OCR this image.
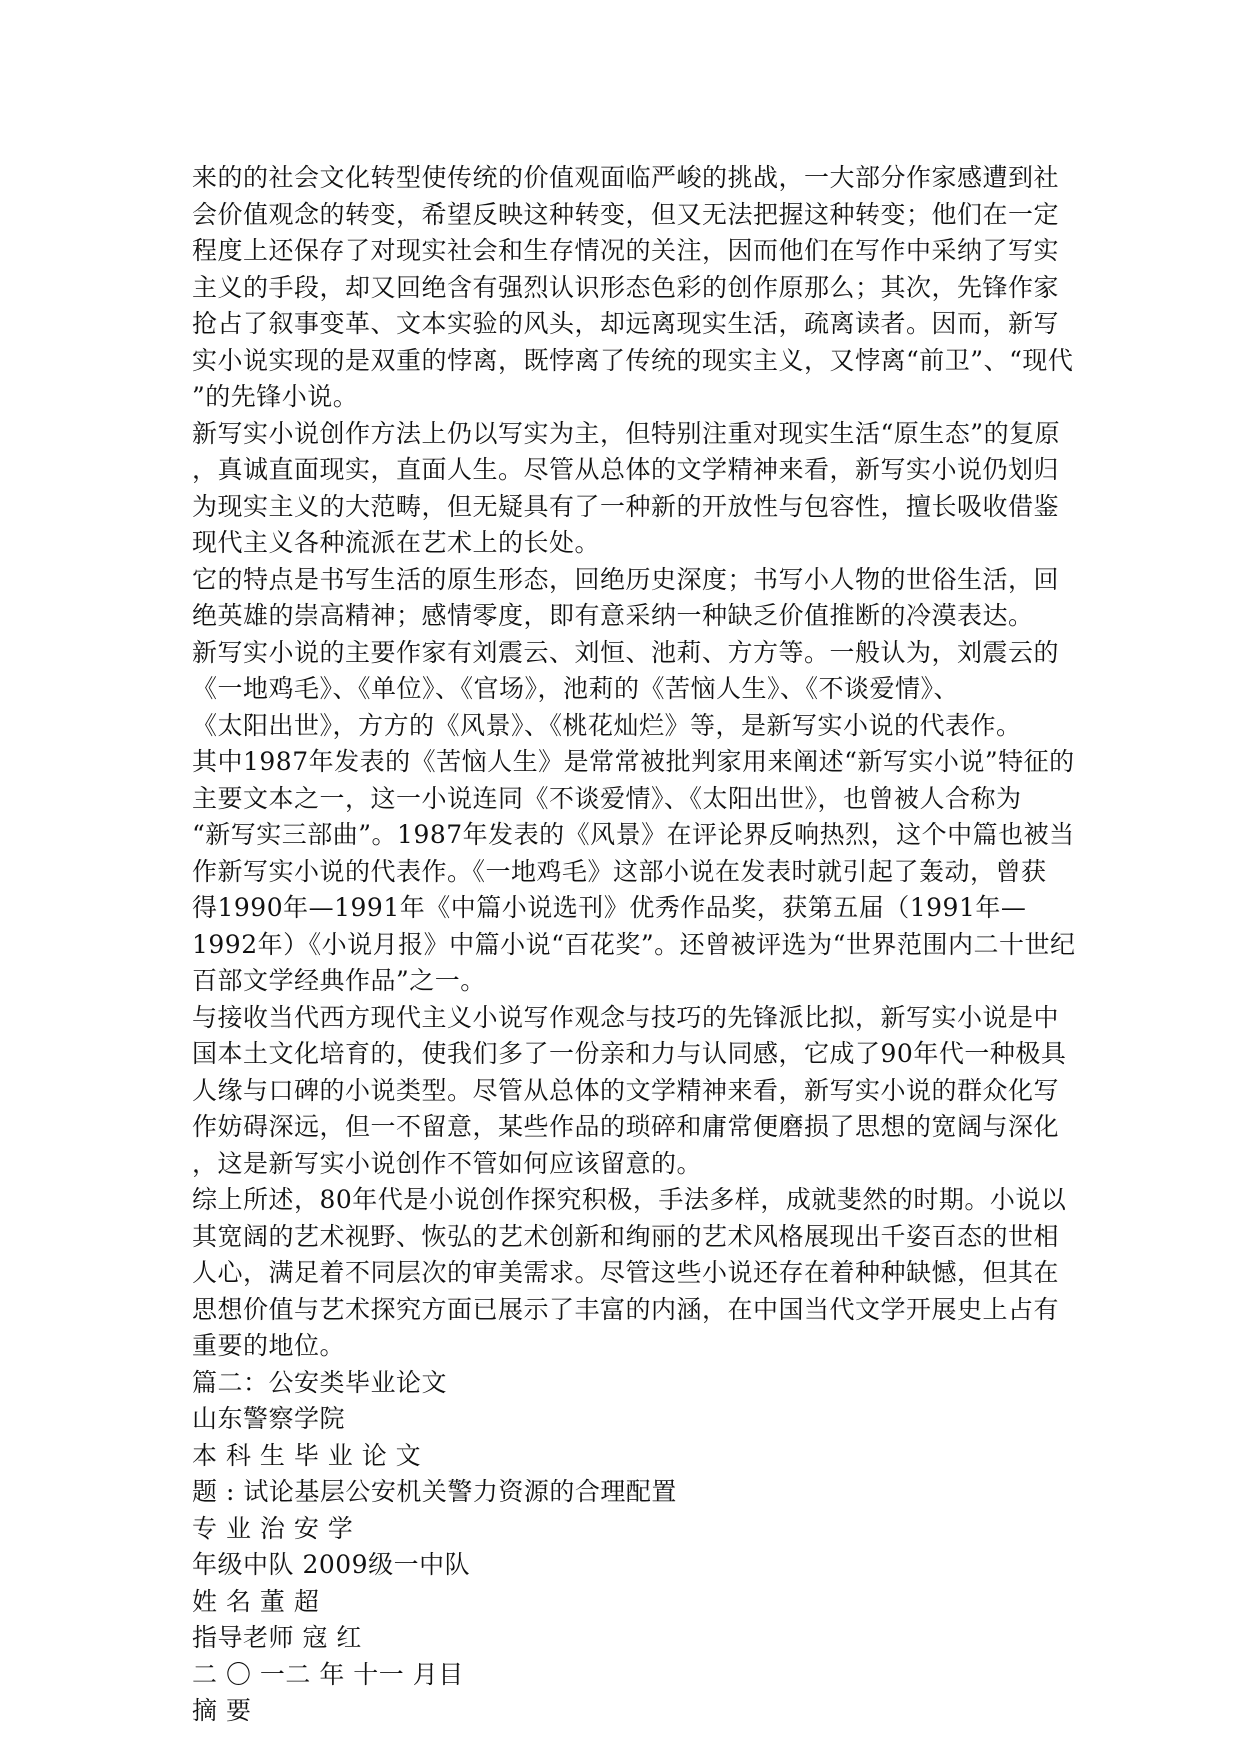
来的的社会文化转型使传统的价值观面临严峻的挑战，一大部分作家感遭到社
会价值观念的转变，希望反映这种转变，但又无法把握这种转变；他们在一定
程度上还保存了对现实社会和生存情况的关注，因而他们在写作中采纳了写实
主义的手段，却又回绝含有强烈认识形态色彩的创作原那么；其次，先锋作家
抢占了叙事变革、文本实验的风头，却远离现实生活，疏离读者。因而，新写
实小说实现的是双重的悖离，既悖离了传统的现实主义，又悖离“前卫”、“现代
”的先锋小说。
新写实小说创作方法上仍以写实为主，但特别注重对现实生活“原生态”的复原
，真诚直面现实，直面人生。尽管从总体的文学精神来看，新写实小说仍划归
为现实主义的大范畴，但无疑具有了一种新的开放性与包容性，擅长吸收借鉴
现代主义各种流派在艺术上的长处。
它的特点是书写生活的原生形态，回绝历史深度；书写小人物的世俗生活，回
绝英雄的崇高精神；感情零度，即有意采纳一种缺乏价值推断的冷漠表达。
新写实小说的主要作家有刘震云、刘恒、池莉、方方等。一般认为，刘震云的
《一地鸡毛》、《单位》、《官场》，池莉的《苦恼人生》、《不谈爱情》、
《太阳出世》，方方的《风景》、《桃花灿烂》等，是新写实小说的代表作。
其中1987年发表的《苦恼人生》是常常被批判家用来阐述“新写实小说”特征的
主要文本之一，这一小说连同《不谈爱情》、《太阳出世》，也曾被人合称为
“新写实三部曲”。1987年发表的《风景》在评论界反响热烈，这个中篇也被当
作新写实小说的代表作。《一地鸡毛》这部小说在发表时就引起了轰动，曾获
得1990年—1991年《中篇小说选刊》优秀作品奖，获第五届（1991年—
1992年）《小说月报》中篇小说“百花奖”。还曾被评选为“世界范围内二十世纪
百部文学经典作品”之一。
与接收当代西方现代主义小说写作观念与技巧的先锋派比拟，新写实小说是中
国本土文化培育的，使我们多了一份亲和力与认同感，它成了90年代一种极具
人缘与口碑的小说类型。尽管从总体的文学精神来看，新写实小说的群众化写
作妨碍深远，但一不留意，某些作品的琐碎和庸常便磨损了思想的宽阔与深化
，这是新写实小说创作不管如何应该留意的。
综上所述，80年代是小说创作探究积极，手法多样，成就斐然的时期。小说以
其宽阔的艺术视野、恢弘的艺术创新和绚丽的艺术风格展现出千姿百态的世相
人心，满足着不同层次的审美需求。尽管这些小说还存在着种种缺憾，但其在
思想价值与艺术探究方面已展示了丰富的内涵，在中国当代文学开展史上占有
重要的地位。
篇二：公安类毕业论文
山东警察学院
本 科 生 毕 业 论 文
题 : 试论基层公安机关警力资源的合理配置
专 业 治 安 学
年级中队 2009级一中队
姓 名 董 超
指导老师 寇 红
二 〇 一二 年 十一 月目
摘 要
